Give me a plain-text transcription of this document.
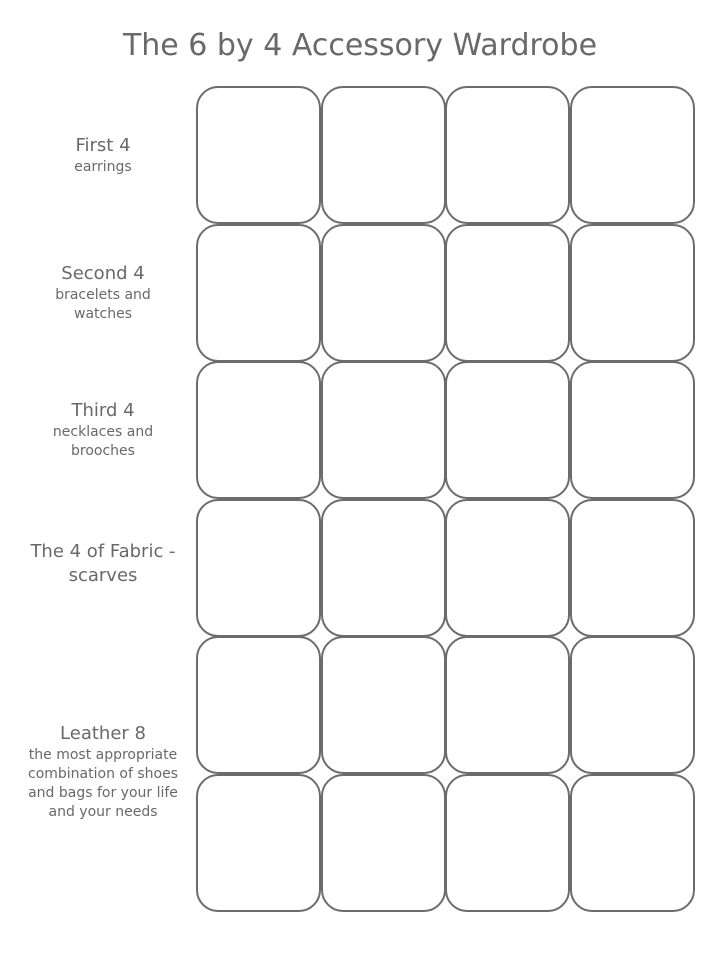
The 6 by 4 Accessory Wardrobe
First 4
earrings
Second 4
bracelets and watches
Third 4
necklaces and brooches
The 4 of Fabric - scarves
Leather 8
the most appropriate combination of shoes and bags for your life and your needs
